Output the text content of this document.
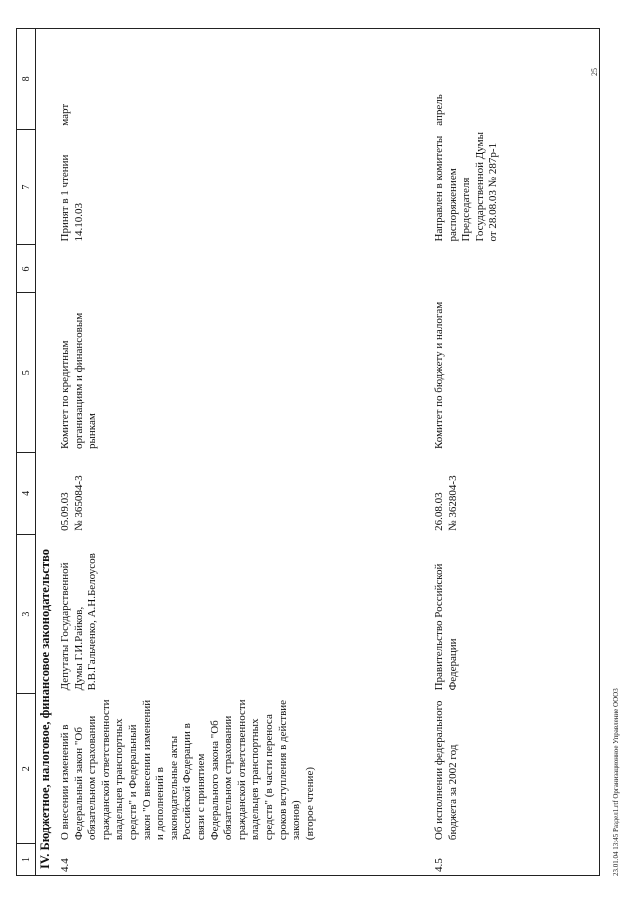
1
2
3
4
5
6
7
8
IV. Бюджетное, налоговое, финансовое законодательство 4.4
О внесении изменений в Федеральный закон "Об обязательном страховании гражданской ответственности владельцев транспортных средств" и Федеральный закон "О внесении изменений и дополнений в законодательные акты Российской Федерации в связи с принятием Федерального закона "Об обязательном страховании гражданской ответственности владельцев транспортных средств" (в части переноса сроков вступления в действие законов)
(второе чтение)
Депутаты Государственной Думы Г.И.Райков, В.В.Гальченко, А.Н.Белоусов
05.09.03
№ 365084-3
Комитет по кредитным организациям и финансовым рынкам
Принят в 1 чтении 14.10.03
март
4.5
Об исполнении федерального бюджета за 2002 год
Правительство Российской Федерации
26.08.03
№ 362804-3
Комитет по бюджету и налогам
Направлен в комитеты распоряжением Председателя Государственной Думы от 28.08.03 № 287р-1
апрель
25
23.01.04 13:45 Раздел1.rtf Организационное Управление ООО3
